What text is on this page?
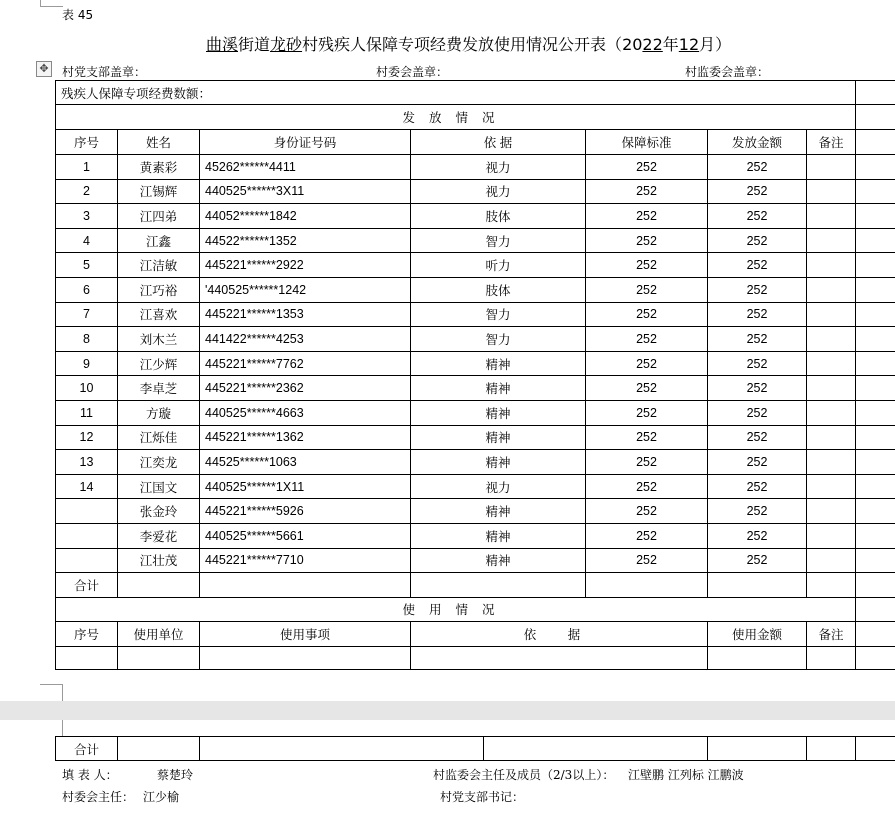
表 45
曲溪街道龙砂村残疾人保障专项经费发放使用情况公开表（2022年12月）
✥ 村党支部盖章：	村委会盖章：	村监委会盖章：
残疾人保障专项经费数额：							
发放情况							
序号	姓名	身份证号码	依 据	保障标准	发放金额	备注	
1	黄素彩	45262******4411	视力	252	252		
2	江锡辉	440525******3X11	视力	252	252		
3	江四弟	44052******1842	肢体	252	252		
4	江鑫	44522******1352	智力	252	252		
5	江洁敏	445221******2922	听力	252	252		
6	江巧裕	'440525******1242	肢体	252	252		
7	江喜欢	445221******1353	智力	252	252		
8	刘木兰	441422******4253	智力	252	252		
9	江少辉	445221******7762	精神	252	252		
10	李卓芝	445221******2362	精神	252	252		
11	方璇	440525******4663	精神	252	252		
12	江烁佳	445221******1362	精神	252	252		
13	江奕龙	44525******1063	精神	252	252		
14	江国文	440525******1X11	视力	252	252		
	张金玲	445221******5926	精神	252	252		
	李爱花	440525******5661	精神	252	252		
	江壮茂	445221******7710	精神	252	252		
合计							
使用情况							
序号	使用单位	使用事项	依 据		使用金额	备注	

合计						
填 表 人：	蔡楚玲	村监委会主任及成员（2/3以上）： 江壁鹏 江列标 江鹏波
村委会主任： 江少榆	村党支部书记：
